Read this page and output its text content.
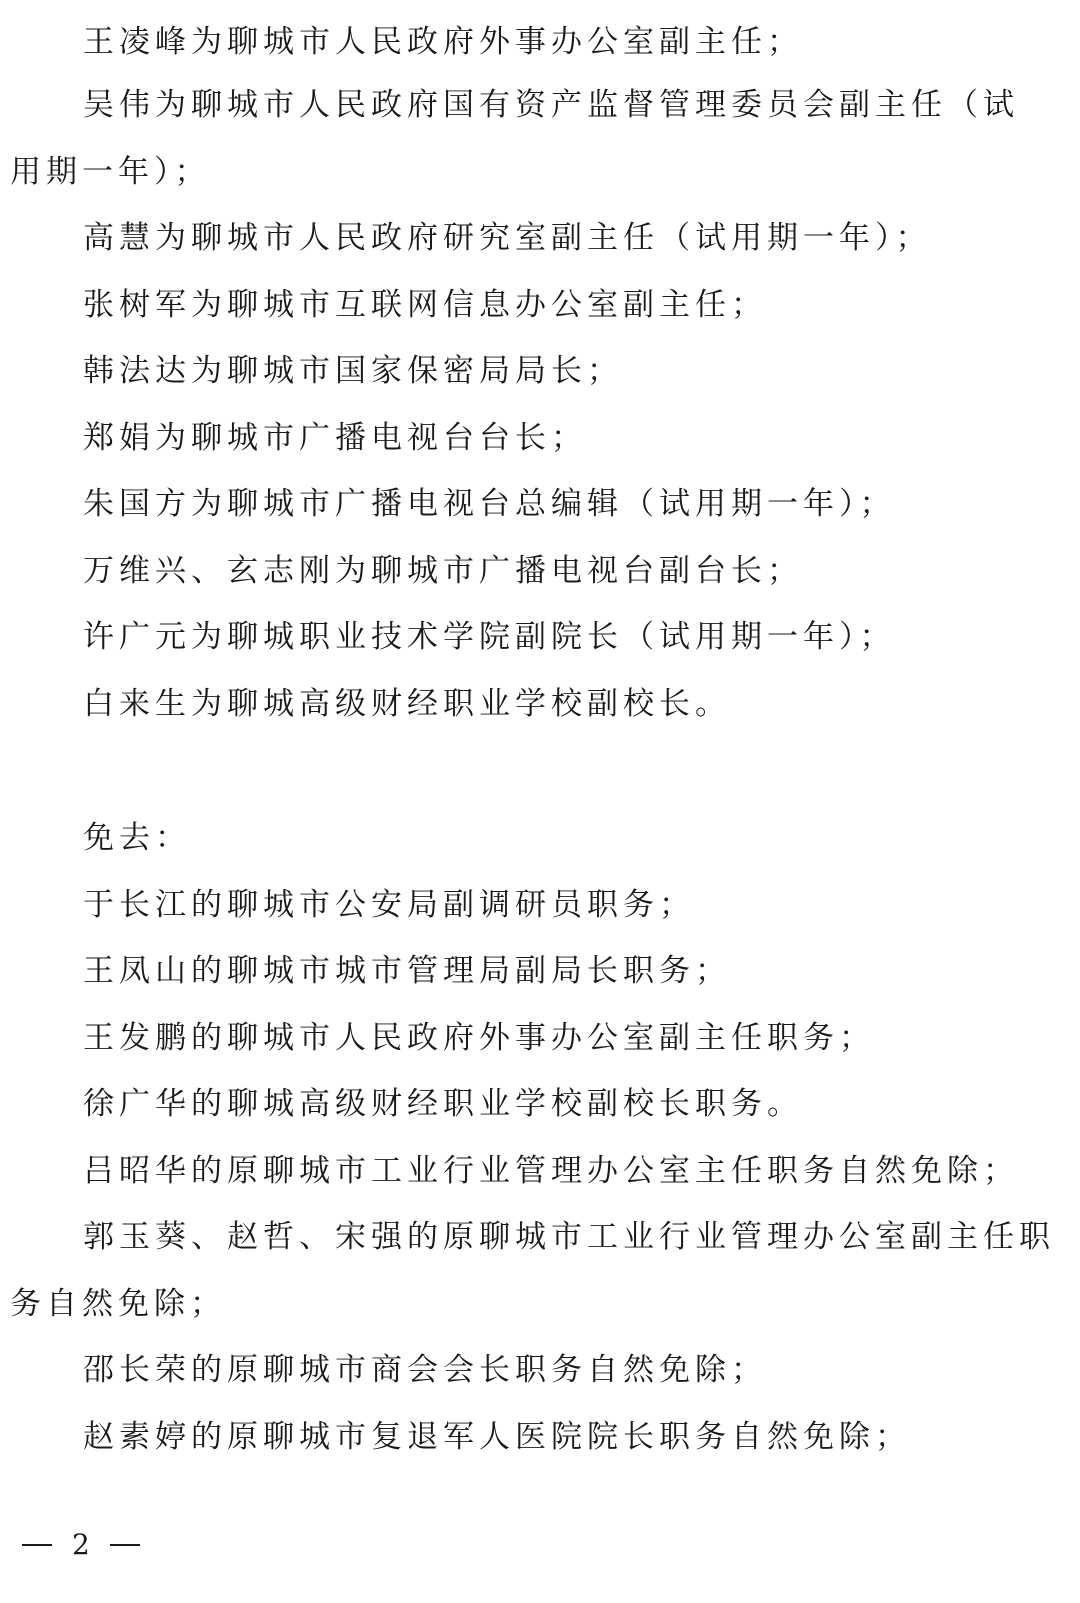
王凌峰为聊城市人民政府外事办公室副主任；
吴伟为聊城市人民政府国有资产监督管理委员会副主任（试
用期一年）；
高慧为聊城市人民政府研究室副主任（试用期一年）；
张树军为聊城市互联网信息办公室副主任；
韩法达为聊城市国家保密局局长；
郑娟为聊城市广播电视台台长；
朱国方为聊城市广播电视台总编辑（试用期一年）；
万维兴、玄志刚为聊城市广播电视台副台长；
许广元为聊城职业技术学院副院长（试用期一年）；
白来生为聊城高级财经职业学校副校长。
免去：
于长江的聊城市公安局副调研员职务；
王凤山的聊城市城市管理局副局长职务；
王发鹏的聊城市人民政府外事办公室副主任职务；
徐广华的聊城高级财经职业学校副校长职务。
吕昭华的原聊城市工业行业管理办公室主任职务自然免除；
郭玉葵、赵哲、宋强的原聊城市工业行业管理办公室副主任职
务自然免除；
邵长荣的原聊城市商会会长职务自然免除；
赵素婷的原聊城市复退军人医院院长职务自然免除；
2
